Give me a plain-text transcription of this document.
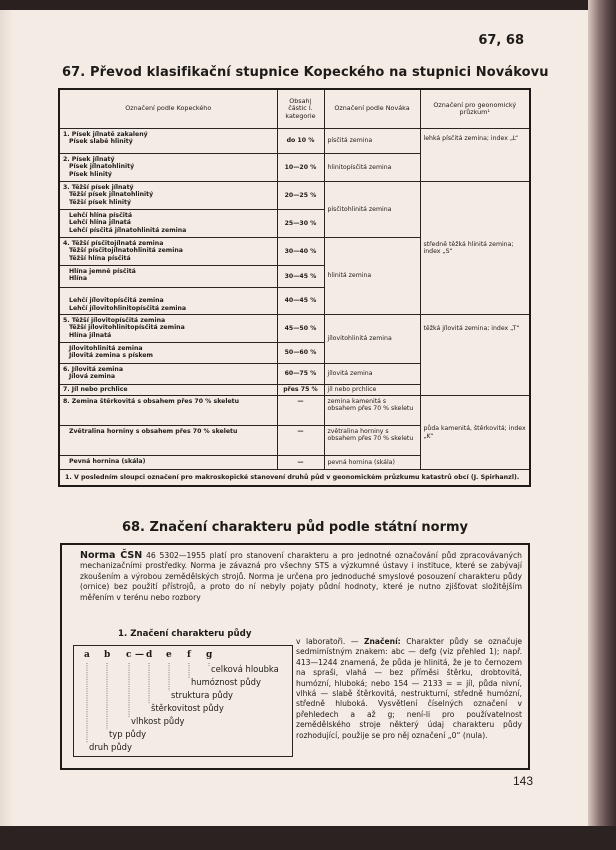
67, 68
67. Převod klasifikační stupnice Kopeckého na stupnici Novákovu
Označení podle Kopeckého	Obsah| částic I. kategorie	Označení podle Nováka	Označení pro geonomický průzkum¹

1. Písek jílnatě zakalený
Písek slabě hlinitý	do 10 %	písčitá zemina	lehká písčitá zemina; index „L“

2. Písek jílnatý
Písek jílnatohlinitý
Písek hlinitý	10—20 %	hlinitopísčitá zemina	

3. Těžší písek jílnatý
Těžší písek jílnatohlinitý
Těžší písek hlinitý	20—25 %	písčitohlinitá zemina	středně těžká hlinitá zemina; index „S“

Lehčí hlína písčitá
Lehčí hlína jílnatá
Lehčí písčitá jílnatohlinitá zemina	25—30 %		

4. Těžší písčitojílnatá zemina
Těžší písčitojílnatohlinitá zemina
Těžší hlína písčitá	30—40 %	hlinitá zemina	

Hlína jemně písčitá
Hlína	30—45 %		

Lehčí jílovitopísčitá zemina
Lehčí jílovitohlinitopísčitá zemina	40—45 %		

5. Těžší jílovitopísčitá zemina
Těžší jílovitohlinitopísčitá zemina
Hlína jílnatá	45—50 %	jílovitohlinitá zemina	těžká jílovitá zemina; index „T“

Jílovitohlinitá zemina
Jílovitá zemina s pískem	50—60 %		

6. Jílovitá zemina
Jílová zemina	60—75 %	jílovitá zemina	

7. Jíl nebo prchlice	přes 75 %	jíl nebo prchlice	

8. Zemina štěrkovitá s obsahem přes 70 % skeletu	—	zemina kamenitá s obsahem přes 70 % skeletu	půda kamenitá, štěrkovitá; index „K“

Zvětralina horniny s obsahem přes 70 % skeletu	—	zvětralina horniny s obsahem přes 70 % skeletu	

Pevná hornina (skála)	—	pevná hornina (skála)	
1. V posledním sloupci označení pro makroskopické stanovení druhů půd v geonomickém průzkumu katastrů obcí (J. Spirhanzl).			
68. Značení charakteru půd podle státní normy
Norma ČSN 46 5302—1955 platí pro stanovení charakteru a pro jednotné označování půd zpracovávaných mechanizačními prostředky. Norma je závazná pro všechny STS a výzkumné ústavy i instituce, které se zabývají zkoušením a výrobou zemědělských strojů. Norma je určena pro jednoduché smyslové posouzení charakteru půdy (ornice) bez použití přístrojů, a proto do ní nebyly pojaty půdní hodnoty, které je nutno zjišťovat složitějším měřením v terénu nebo rozbory
1. Značení charakteru půdy
a b c — d e f g
celková hloubka
humóznost půdy
struktura půdy
štěrkovitost půdy
vlhkost půdy
typ půdy
druh půdy
v laboratoři. — Značení: Charakter půdy se označuje sedmimístným znakem: abc — defg (viz přehled 1); např. 413—1244 znamená, že půda je hlinitá, že je to černozem na spraši, vlahá — bez příměsi štěrku, drobtovitá, humózní, hluboká; nebo 154 — 2133 = = jíl, půda nivní, vlhká — slabě štěrkovitá, nestrukturní, středně humózní, středně hluboká. Vysvětlení číselných označení v přehledech a až g; není-li pro používatelnost zemědělského stroje některý údaj charakteru půdy rozhodující, použije se pro něj označení „0“ (nula).
143
